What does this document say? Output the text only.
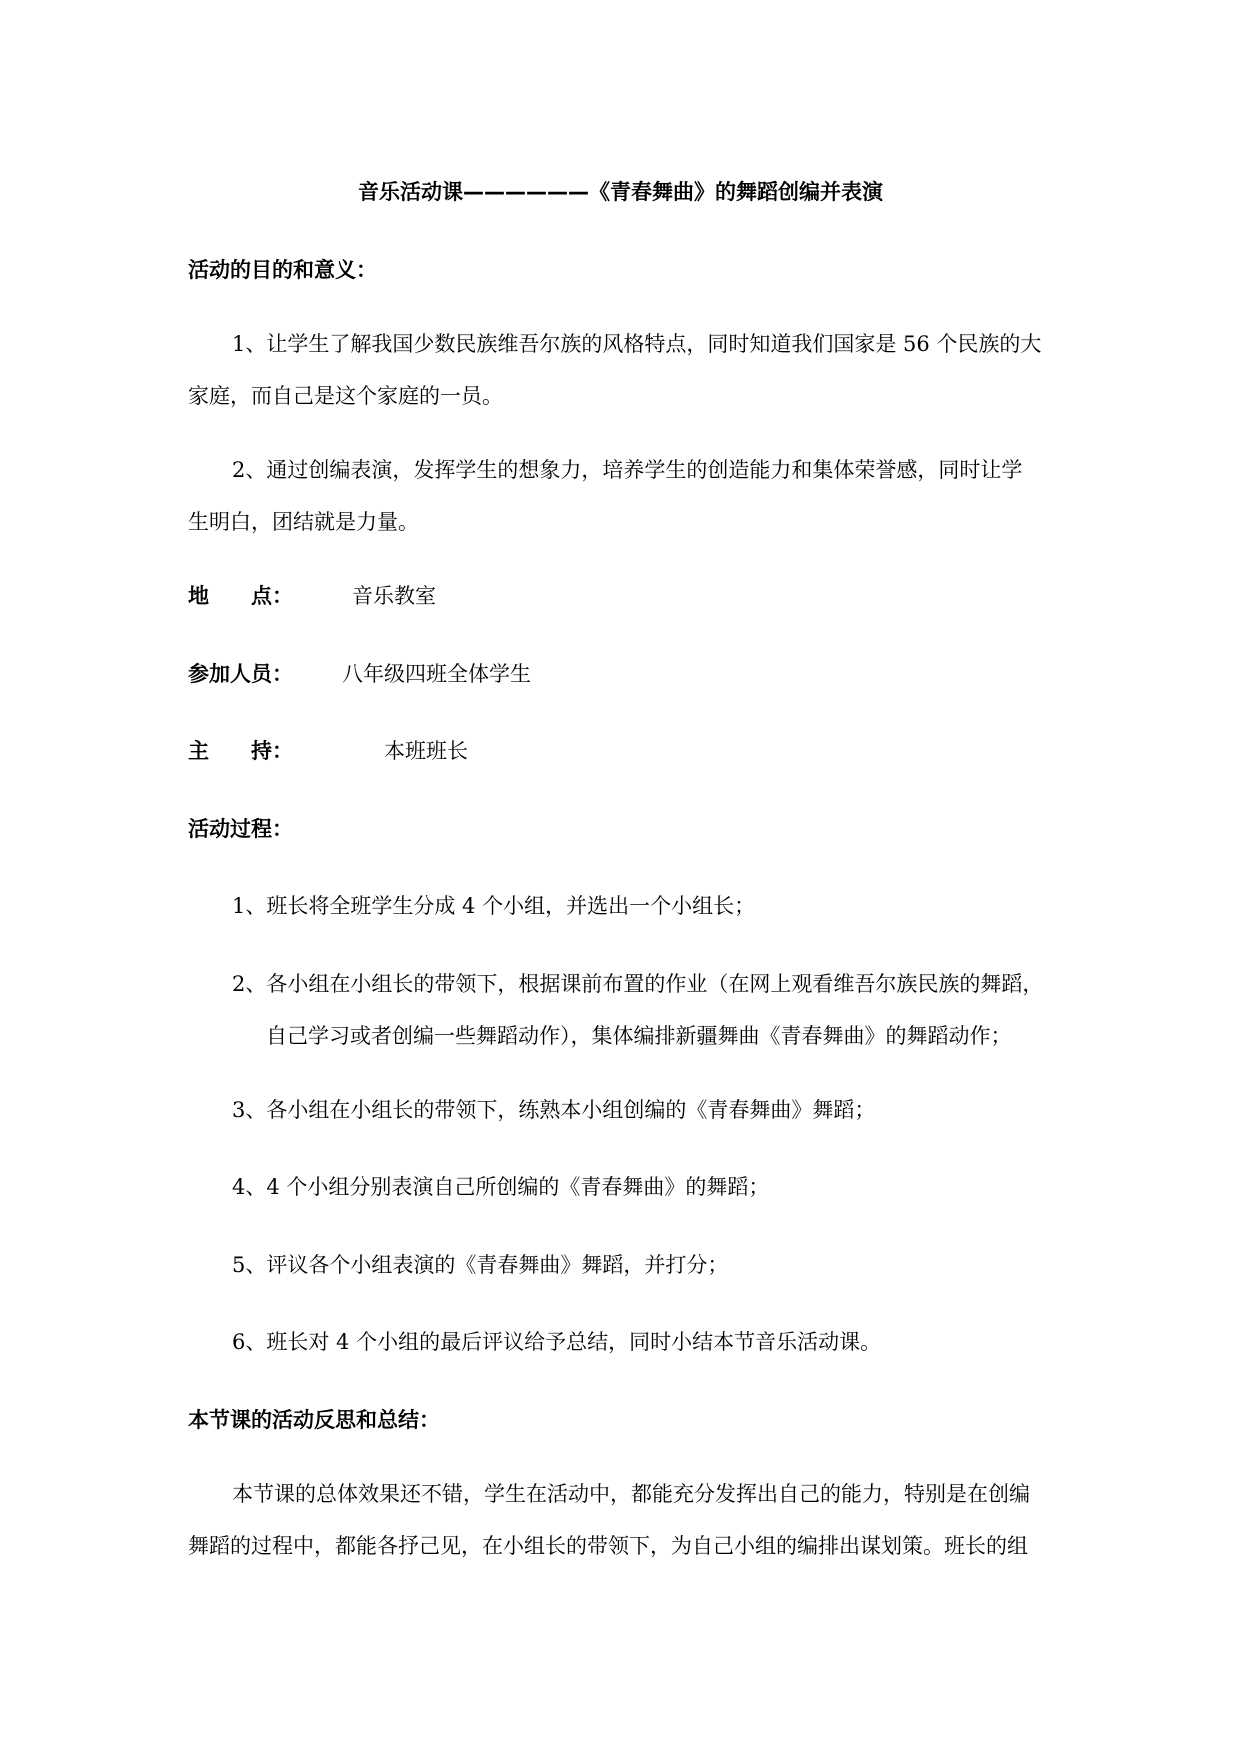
音乐活动课——————《青春舞曲》的舞蹈创编并表演
活动的目的和意义：
1、让学生了解我国少数民族维吾尔族的风格特点，同时知道我们国家是 56 个民族的大
家庭，而自己是这个家庭的一员。
2、通过创编表演，发挥学生的想象力，培养学生的创造能力和集体荣誉感，同时让学
生明白，团结就是力量。
地　　点：	音乐教室
参加人员： 八年级四班全体学生
主　　持：	本班班长
活动过程：
1、班长将全班学生分成 4 个小组，并选出一个小组长；
2、各小组在小组长的带领下，根据课前布置的作业（在网上观看维吾尔族民族的舞蹈，
自己学习或者创编一些舞蹈动作），集体编排新疆舞曲《青春舞曲》的舞蹈动作；
3、各小组在小组长的带领下，练熟本小组创编的《青春舞曲》舞蹈；
4、4 个小组分别表演自己所创编的《青春舞曲》的舞蹈；
5、评议各个小组表演的《青春舞曲》舞蹈，并打分；
6、班长对 4 个小组的最后评议给予总结，同时小结本节音乐活动课。
本节课的活动反思和总结：
本节课的总体效果还不错，学生在活动中，都能充分发挥出自己的能力，特别是在创编
舞蹈的过程中，都能各抒己见，在小组长的带领下，为自己小组的编排出谋划策。班长的组
